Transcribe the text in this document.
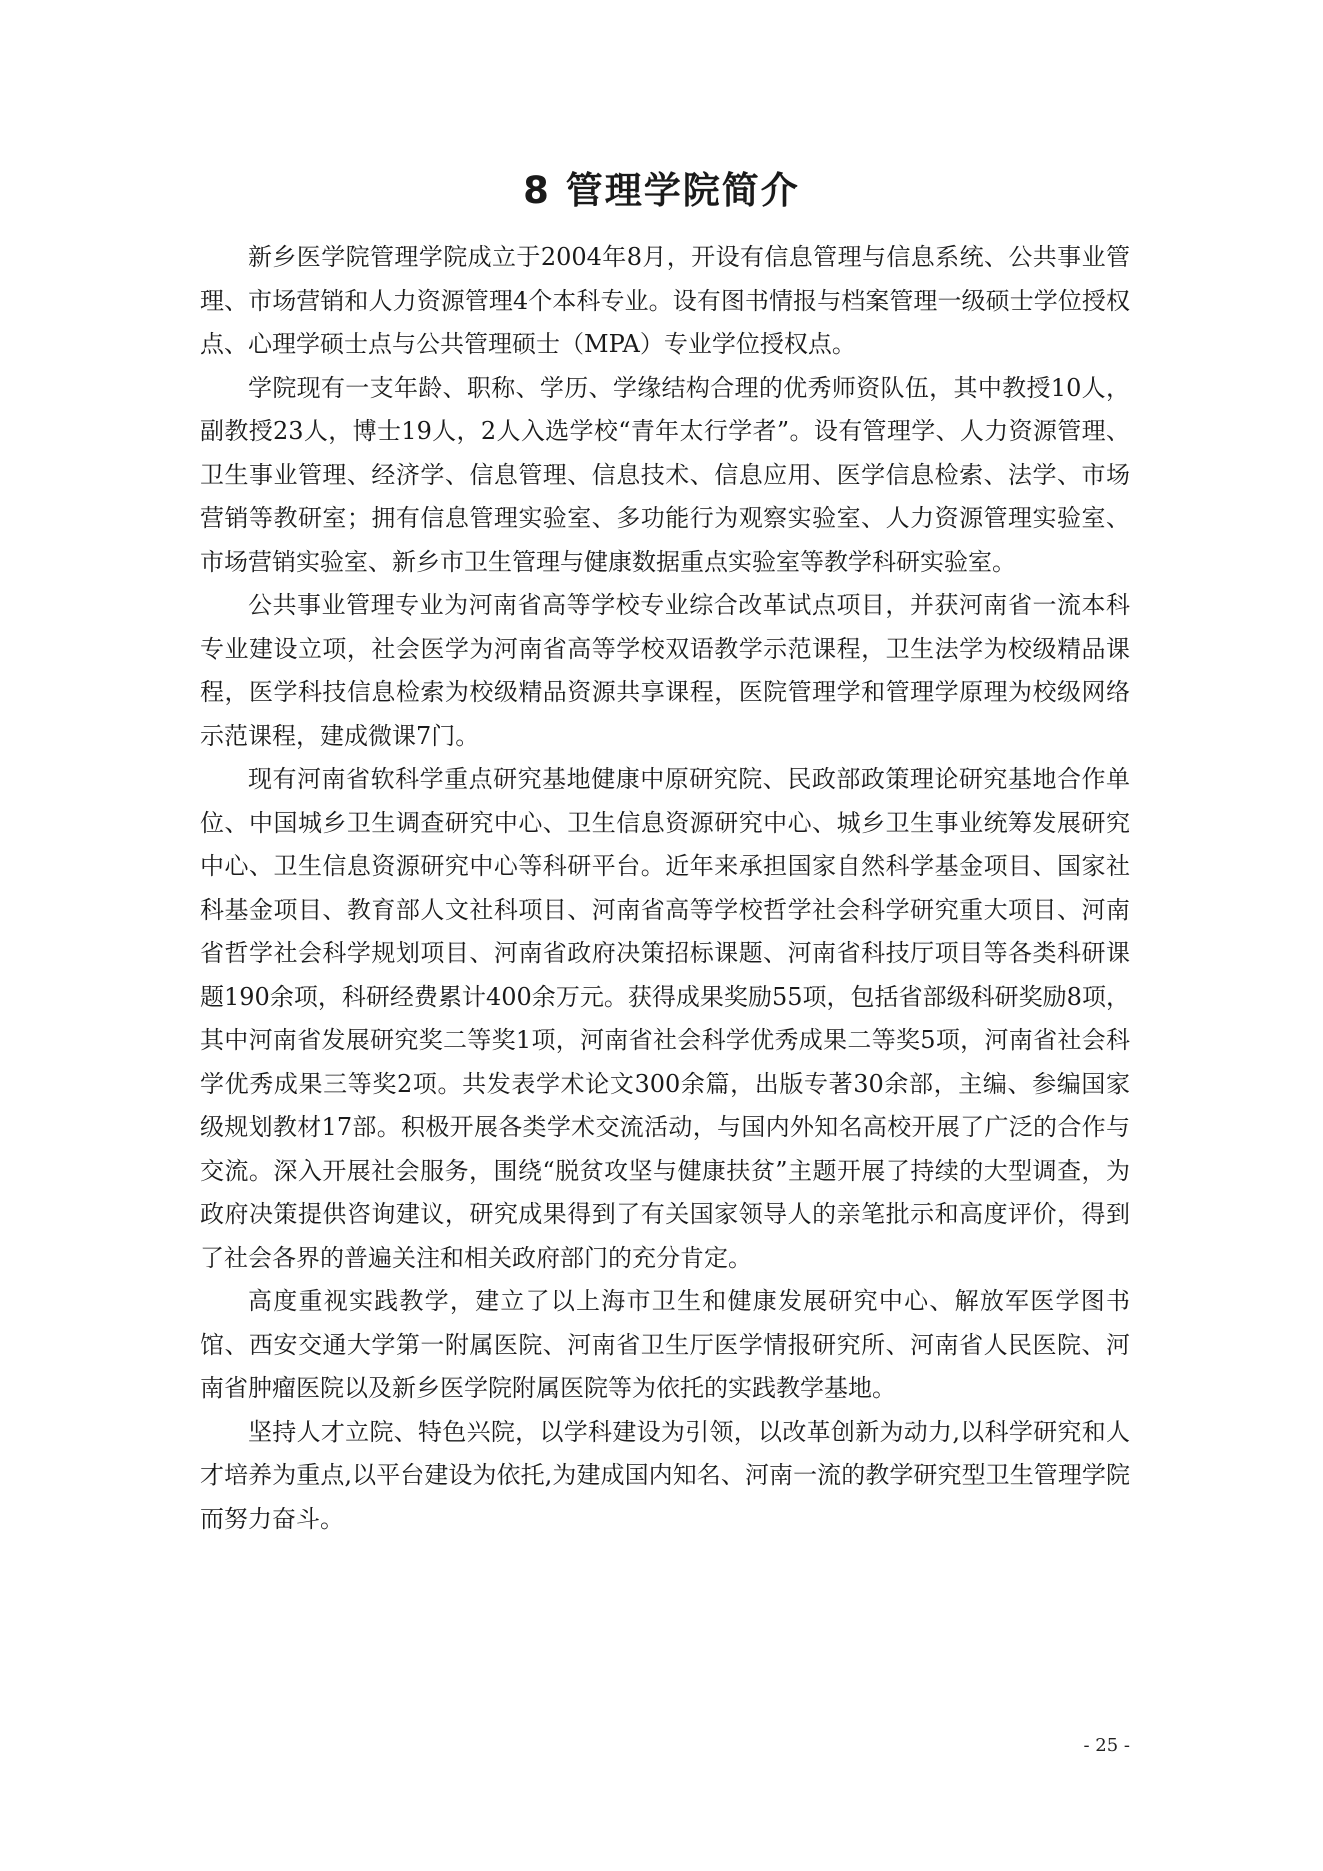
8 管理学院简介

新乡医学院管理学院成立于2004年8月，开设有信息管理与信息系统、公共事业管理、市场营销和人力资源管理4个本科专业。设有图书情报与档案管理一级硕士学位授权点、心理学硕士点与公共管理硕士（MPA）专业学位授权点。

学院现有一支年龄、职称、学历、学缘结构合理的优秀师资队伍，其中教授10人，副教授23人，博士19人，2人入选学校“青年太行学者”。设有管理学、人力资源管理、卫生事业管理、经济学、信息管理、信息技术、信息应用、医学信息检索、法学、市场营销等教研室；拥有信息管理实验室、多功能行为观察实验室、人力资源管理实验室、市场营销实验室、新乡市卫生管理与健康数据重点实验室等教学科研实验室。

公共事业管理专业为河南省高等学校专业综合改革试点项目，并获河南省一流本科专业建设立项，社会医学为河南省高等学校双语教学示范课程，卫生法学为校级精品课程，医学科技信息检索为校级精品资源共享课程，医院管理学和管理学原理为校级网络示范课程，建成微课7门。

现有河南省软科学重点研究基地健康中原研究院、民政部政策理论研究基地合作单位、中国城乡卫生调查研究中心、卫生信息资源研究中心、城乡卫生事业统筹发展研究中心、卫生信息资源研究中心等科研平台。近年来承担国家自然科学基金项目、国家社科基金项目、教育部人文社科项目、河南省高等学校哲学社会科学研究重大项目、河南省哲学社会科学规划项目、河南省政府决策招标课题、河南省科技厅项目等各类科研课题190余项，科研经费累计400余万元。获得成果奖励55项，包括省部级科研奖励8项，其中河南省发展研究奖二等奖1项，河南省社会科学优秀成果二等奖5项，河南省社会科学优秀成果三等奖2项。共发表学术论文300余篇，出版专著30余部，主编、参编国家级规划教材17部。积极开展各类学术交流活动，与国内外知名高校开展了广泛的合作与交流。深入开展社会服务，围绕“脱贫攻坚与健康扶贫”主题开展了持续的大型调查，为政府决策提供咨询建议，研究成果得到了有关国家领导人的亲笔批示和高度评价，得到了社会各界的普遍关注和相关政府部门的充分肯定。

高度重视实践教学，建立了以上海市卫生和健康发展研究中心、解放军医学图书馆、西安交通大学第一附属医院、河南省卫生厅医学情报研究所、河南省人民医院、河南省肿瘤医院以及新乡医学院附属医院等为依托的实践教学基地。

坚持人才立院、特色兴院，以学科建设为引领，以改革创新为动力,以科学研究和人才培养为重点,以平台建设为依托,为建成国内知名、河南一流的教学研究型卫生管理学院而努力奋斗。

- 25 -
